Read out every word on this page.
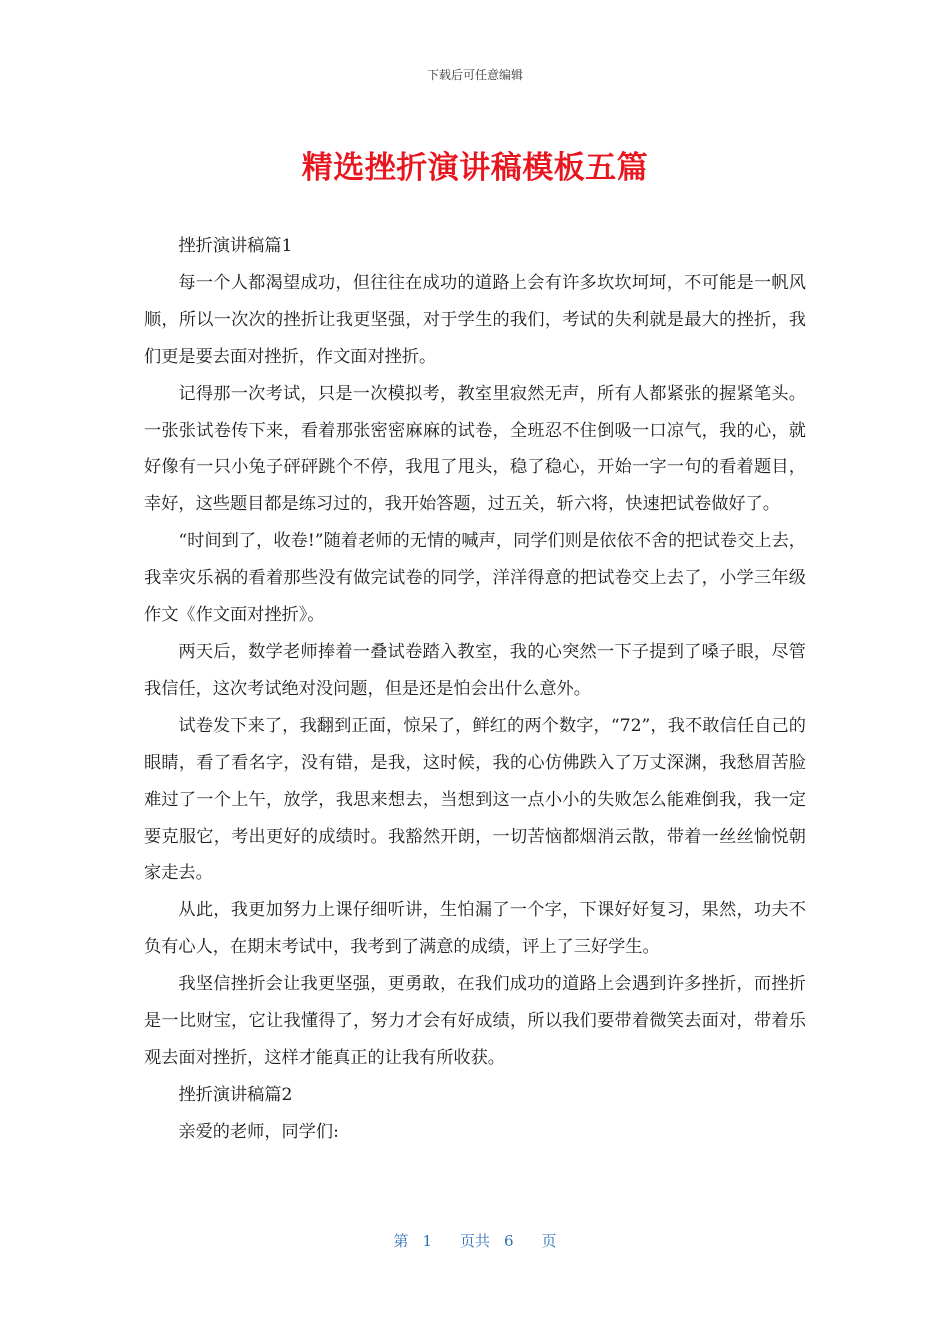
下载后可任意编辑
精选挫折演讲稿模板五篇

挫折演讲稿篇1

每一个人都渴望成功，但往往在成功的道路上会有许多坎坎坷坷，不可能是一帆风顺，所以一次次的挫折让我更坚强，对于学生的我们，考试的失利就是最大的挫折，我们更是要去面对挫折，作文面对挫折。

记得那一次考试，只是一次模拟考，教室里寂然无声，所有人都紧张的握紧笔头。一张张试卷传下来，看着那张密密麻麻的试卷，全班忍不住倒吸一口凉气，我的心，就好像有一只小兔子砰砰跳个不停，我甩了甩头，稳了稳心，开始一字一句的看着题目，幸好，这些题目都是练习过的，我开始答题，过五关，斩六将，快速把试卷做好了。

“时间到了，收卷!”随着老师的无情的喊声，同学们则是依依不舍的把试卷交上去，我幸灾乐祸的看着那些没有做完试卷的同学，洋洋得意的把试卷交上去了，小学三年级作文《作文面对挫折》。

两天后，数学老师捧着一叠试卷踏入教室，我的心突然一下子提到了嗓子眼，尽管我信任，这次考试绝对没问题，但是还是怕会出什么意外。

试卷发下来了，我翻到正面，惊呆了，鲜红的两个数字，“72”，我不敢信任自己的眼睛，看了看名字，没有错，是我，这时候，我的心仿佛跌入了万丈深渊，我愁眉苦脸难过了一个上午，放学，我思来想去，当想到这一点小小的失败怎么能难倒我，我一定要克服它，考出更好的成绩时。我豁然开朗，一切苦恼都烟消云散，带着一丝丝愉悦朝家走去。

从此，我更加努力上课仔细听讲，生怕漏了一个字，下课好好复习，果然，功夫不负有心人，在期末考试中，我考到了满意的成绩，评上了三好学生。

我坚信挫折会让我更坚强，更勇敢，在我们成功的道路上会遇到许多挫折，而挫折是一比财宝，它让我懂得了，努力才会有好成绩，所以我们要带着微笑去面对，带着乐观去面对挫折，这样才能真正的让我有所收获。

挫折演讲稿篇2

亲爱的老师，同学们:

第 1 页共 6 页
